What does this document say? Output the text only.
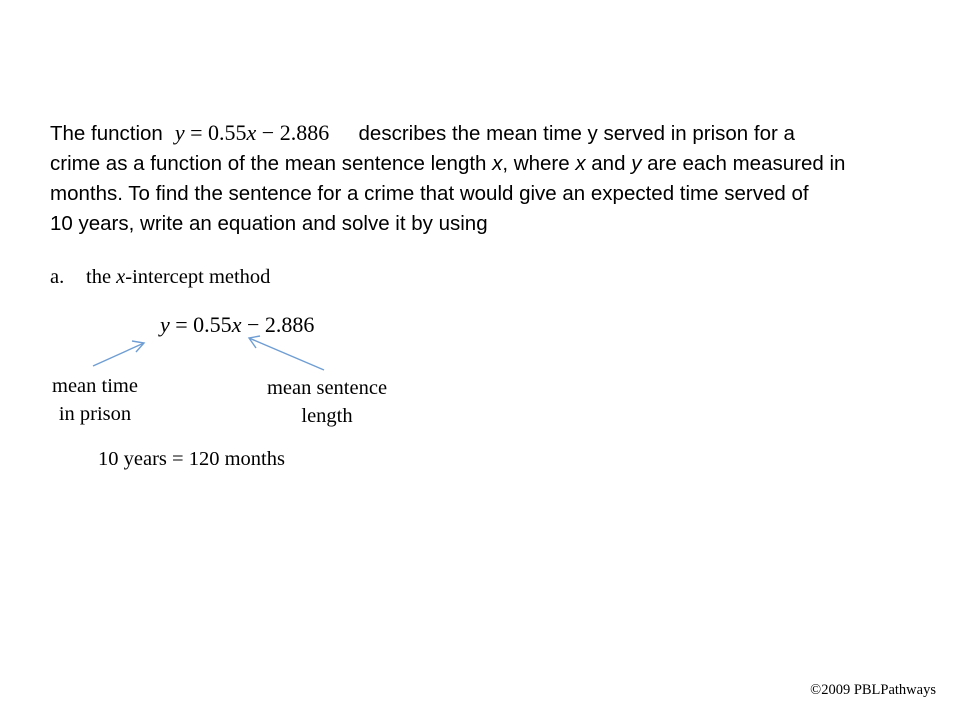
The function y = 0.55x − 2.886 describes the mean time y served in prison for a
crime as a function of the mean sentence length x, where x and y are each measured in
months. To find the sentence for a crime that would give an expected time served of
10 years, write an equation and solve it by using
a. the x-intercept method
y = 0.55x − 2.886
mean time
in prison
mean sentence
length
10 years = 120 months
©2009 PBLPathways
